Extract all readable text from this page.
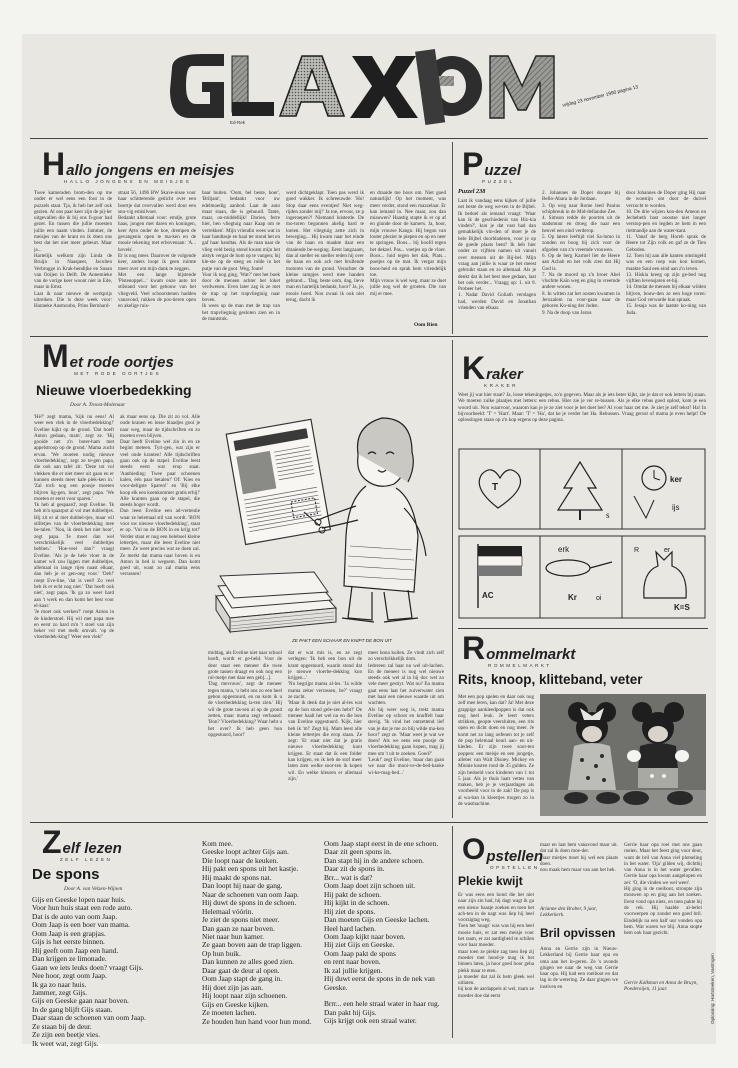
Ed-Rek
vrijdag 23 november 1990 pagina 13
H allo jongens en meisjes
HALLO JONGENS EN MEISJES
Twee kameraden brom-den op me onder er wel eens een fout in de puzzels staat. Tja, ik heb het zelf ook gezien. Al ons paar keer zijn de pij-ler uitgevallen die ik bij ons fi-guur had gezet. En tussen die jullie moesten jullie een naam vinden. Jammer, de meisjes van de krant en ik doen ons best dat het niet meer gebeurt. Maar ja...
Hartelijk welkom zijn Linda de Bruijn in Naaspeet, Jacolien Verbrugge in Krak-hendijke en Susan van Ooijen in Delft. De Annemieke van de vorige keer woont niet in Ede, maar in Emst.
Laat ik naar nieuwe de werkprijs uitreiken. Die is deze week voor: Hanneke Aasmoubo, Prins Bernhard-
straat 56, 1496 BW Skave-nisse voor haar schitterende gedicht over een boertje dat overvallen werd door een snu-vig emisilvoer.
Bedankt allemaal voor: emdje, grote haas, jongen met daren en koningen, keer Ayto onder de koe, drempen de gevangenis open te ma-ken en de mooie tekening met erbovenaan: 'A... hovels'.
Er is nog meer. Daarover de volgende keer, anders loopt ik geen ruimte meer over om mijn dank te zeggen.
Met een lange bijstende 'Pistenoppel...' kwam onze auto tot stilstand voor het gebouw van het vliegveld. Veel schoorstenen hadden vanavond, rukken de pos-tieren open en akelige ruis-
baar buiten. 'Oom, hel beste, boer', 'Briljant', bedankt voor uw edelmoedig aanbod. Laat de auto maar staan, die is gehuurd. Tante, maar, on-middellijk! Dorien, ferre hier, ben vliegtuig naar Kaap om te verrekken'. Mijn vriendin wees wat in haar handtasje en haal ter stond het en gaf haar handtas. Als de man naar de vlieg veld bezig stond kwam mijn het alstyk vergat de hom op te vangen; hij kle-ste op de steeg en rolde in het putje van de goot. Weg, foute!
Voor ik nog ging, 'Wat?' met het boek door de mensen achter het loket verdwenen. Even later zag ik ze met de trap op het trapvliegtuig naar boven.
Ik wees op de man met de trap van het trapvliegtuig gesloten zien en in de mantstuk.
werd dichtgeklapt. Toen pas werd ik goed wakker. Ik schreeuwde: 'Ho! Stop daar eens eventjes! Niet weg-rijden zonder mij!' Ja toe, ervoor, ze p ingeroepen?! Niemand luisterde. De mo-toren begonnen akelig hard te loeien. Het vliegtuig zette zich in beweging... Hij kwam naar het einde van de baan en maakte daar een draaiende be-weging. Eerst langzaam, dan al sneller en sneller reden hij over de baan en ook ach met brullende motoren van de grond. Verachter de kleine rampjes werd mee handen gebrand... 'Dag, beste oom, dag, lieve man en hartelijk bedankt, hoor!' Ja, je, mooie hoed. Nou zwaai ik ook niet terug, dacht ik
en draaide me boos om. Niet goed natuurlijk! Op het moment, was meer verder, stond een mazzelaar. Er kan iemand in. Nee maar, zou dan miauwen? Haastig stapte ik er op af en glunde door de kamers. Ja, hoor, mijn vrouwe Kango. Hij begon van louter plezier te piepen en op en neer te springen. Boos... bij hoofd tegen het dekzel. Pas... voetjes op de vloer. Boos... luid tegen het dak, Plats... poetjes op de mat. Ik vergat mijn boos-heid en sprak hem vriendelijk toe.
Mijn vrouw is wel weg, maar ze doet jullie nog wel de groeten. Die van mij er mee.
Oom Rien
P uzzel
PUZZEL
Puzzel 238
Laat ik vandaag eens kijken of jullie net beste de weg we-ten in de Bijbel. Ik bedoel als iemand vraagt: 'Waar kan ik de geschiedenis van Hiz-kia vinden?', kun je dat vast had dan gemakkelijk vin-den of moet je de hele Bijbel doorbladeren, voor je op de goede plaats bent? Ik heb hier onder zo vijftien namen uit vanuit over mensen uit de Bij-bel. Mijn vraag aan jullie is waar ze het meest gebruikt staan en zo allemaal. Als je denkt dat ik het best mee gedaan, laat het ook verder... Vraagg op: 1. uit 8. Probeer het.
1. Nadat David Goliath verslagen had, werden David en Jonathan vrienden van elkaar.
2. Johannes de Doper doopte bij Bello-Abara in de Jordaan.
3. Op weg naar Rome leed Paulus schipbreuk in de Mid-dellandse Zee.
4. Simson redde de poorten uit de stadsmuur en droeg die naar een heuvel een eind verderop.
5. Op latere leeftijd viel Sa-lomo in zonden en boog bij zich voor de afgoden van z'n vreemde vrouwen.
6. Op de berg Karmel liet de Heere aan Achab en het volk zien dat Hij God is.
7. Na de moord op z'n broer Abel vluchtte Kaïn weg en ging in vreemde andere wonen.
8. In witten zat het oosten kwamen in Jeruzalem na voor-gaan naar de geboren Ko-ning der Joden.
9. Na de doop van Jezus
door Johannes de Doper ging Hij naar de woestijn om door de duivel verzocht te worden.
10. De drie wijzen kon-den Ameon en Jechebeth bast ooostse niet langer verstop-pen en legden ze hem in een rietmandje aan de water-kant.
11. Vanaf de berg Horeb sprak de Heere tot Zijn volk en gaf ze de Tien Geboden.
12. Toen hij aan alle kanten omsingeld was en een roep was kon komen, maakte Saul een eind aan z'n leven.
13. Hiskia kreeg op zijn ge-bed nog vijftien levensjaren er-bij.
14. Omdat de mensen bij elkaar wilden blijven, bouw-den ze een hoge toren: maar God verwarde hun spraak.
15. Jesaja was de laatste ko-ning van Juda.
M et rode oortjes
MET RODE OORTJES
Nieuwe vloerbedekking
Door A. Troost-Molenaar
'Hè?' zegt mama, 'kijk nu eens! Al weer een vlek in de vloerbedekking!' Eveline kijkt op de grond. 'Dat hoeft Anton gedaan, mam', zegt ze. 'Hij gooide net z'n boter-ham met appelstroop op de grond.' Mama zucht ervan. 'We moeten nodig nieuwe vloerbedekking', zegt ze te-gen papa, die ook aan tafel zit. 'Deze tot vol vlekken die er niet meer uit gaan en er kunnen steeds meer kale plek-ken in.' 'Zal toch nog een poosje moeten blijven lig-gen, hoor', zegt papa. 'We moeten er eerst voor sparen.'
'Ik heb al gespaard', zegt Eveline. 'Ik heb m'n spaarpot al vol met dubbeltjes. Hij zit er al met dubbel-tjes, maar wil stilletjes van de vloerbedekking mee be-talen.' 'Nou, ik denk het niet hoor', zegt papa. 'Je moet dan wel verschrikkelijk veel dubbeltjes hebben.' 'Hoe-veel dan?' vraagt Eveline. 'Als je de hele vloer in de kamer wil zou liggen met dubbeltjes, allemaal in lange rijen naast elkaar, dan heb je er gen-oeg voor.' 'Oeh!' roept Eve-line, 'dat is veel! Zo veel heb ik er echt nog niet.' 'Dat hoeft ook niet', zegt papa. 'Ik ga zo weer hard aan 't werk en dan komt het best voor el-kaar.'
'Je moet ook werken?' roept Anton in de kinderstoel. Hij wil met papa mee en eerst zo hard m'n 't stoel van zijn beker vol met melk omvalt. 'op de vloerbedek-king!' Weer een vlek!'
ak maar eens op. Die zit zo vol. Alle oude kranen en losse blaadjes gooi je naar weg, maar de tijdschriften en zo moeten even blijven.
Daar heeft Eveline wel zin in en ze begint meteen. Tyri-gen, wat zijn er veel oude kranten! Alle tijdschriften gaan ook op de stapel. Eveline leest steeds eerst wat erop staat. 'Aanbieding: Twee paar schoenen kalen, één paar betalen!' Of: 'Kies en voor-deligste Sparen!' en 'Bij elke koop elk een koenkommer gratis erbij!' Alle kranten gaan op de stapel, die steeds hoger wordt.
Dan leest Eveline een ad-vertentie waar ze helemaal stil van wordt. 'BON voor uw nieuwe vloerbedekking', staat er op. 'Vul nu de BON in en krijg tot!' Verder staat er nog een heleboel kleine lettertjes, maar die leest Eveline niet meer. Ze weet precies wat ze doen zal. Ze merkt dat mama naar boven is en Anton in bed is wegsem. Dan komt goed uit, want zo zal mama eens verrassen!
ZE PAKT EEN SCHAAR EN KNIPT DE BON UIT
middag, als Eveline niet naar school hoeft, wordt er ge-beld. Voor de deur staat een meneer die twee grote tassen draagt en ook nog een rol-metje met daar een geb[...].
'Dag mevrouw', zegt de meneer tegen mama, 'u hebt ons zo een heel gebon opgestuurd, en nu kom ik u de vloerbedekking la-ten zien.' Hij wil de grote tas-sen al op de grond zetten, maar mama zegt verbaasd: 'Bon? Vloerbedekking? Waar hebt u het over? Ik heb geen bon opgestuurd, hoor!'
dat er wat mis is, en ze zegt verlegen: 'Ik heb een bon uit de krant opgestuurd, waarin stond dat je nieuwe vloerbe-dekking kon krijgen...'
'Nu begrijpt mama al-les. 'Ja wilde mama zeker verrassen, he?' vraagt ze zacht.
'Maar ik denk dat je niet al-les wat op de bon stond gele-zen hebt?' De meneer haalt het wel nu en die bon van Eveline opgestuurd. 'Kijk, hier heb ik 'm!' Zegt hij. Mam leest alle kleine lettertjes die erop staan. Ze zegt: 'Er staat niet dat je gratis nieuwe vloerbedekking kunt krijgen. Er staat dat ik een folder kan krijgen, en ik heb de stof meer laten zien welke soor-ten ik kopen wil. En welke kleuren er allemaal zijn.'
meer bona kuilen. Ze vindt zich zelf zo verschrikkelijk dom.
Iedereen zal haar nu wel uit-lachen. En de meneer is nog wel nieuwe steeds ook wel al in bij doc wel zo vele meer gestiyt. Wat nu? En mama gaat eens laat het zuiverwater zien met haar een nieuwe waarde uit om wachten.
Als hij weer weg is, trekt mama Eveline op schoot en knuffelt haar stevig. 'Ik vind het ontzettend lief van je dat je me zo blij wilde ma-ken hoor!' zegt ze. 'Maar weet je wat we doen? Als we eens een poosje de vloerbedekking gaan kopen, mag jij mee om 't uit te zoeken. Goed?'
'Leuk!' zegt Eveline, 'maar dan gaan we naar die mooi-ve-de-bed-kanke wi-ke-mag-bed...'
K raker
KRAKER
Weet jij wat hier staat? Ja, losse tekeningetjes, zo'n gegeven. Maar als je iets beter kijkt, zie je dat er ook letters bij staan. We moeten zulke plaatjes met letters: een rebus. Hier zie je ver re-bussen. Als je elke rebus goed oplost, kom je een woord uit. Nou waarvoor, waarom kan je je ze ziet voor je het doet het? Al voor haar zet me. Je ziet je zelf tekst? Ha! In bijvoorbeeld: 'T' = 'Hart'. Maar: 'T' = 'Ha', dat ke je verder het Ha. Rebussen. Vraag gerust of mama je even helpt! De oplossingen staan op z'n kop ergens op deze pagina.
T
s
ker
ijs
AC
erk
Kr	oi
er
K=S
R
R ommelmarkt
ROMMELMARKT
Rits, knoop, klitteband, veter
Met een pop spelen en daar ook nog zelf mee leren, kan dat? Ja! Met deze grappige aankleedpoppen is dat ook nog heel leuk. Je leert veters strikken, geopte veersluiten, een rits open en dicht doen en nog meer. Je komt net zo lang oefenen tot je zelf de pop helemaal keuri aan- en uit-kleden. Er zijn twee soor-ten poppen: een meisje en een jongetje, allebei van Walt Disney. Mickey en Minnie kosten rond de 35 gulden. Ze zijn bedoeld voor kinderen van 1 tot 5 jaar. Als je thuis laatt vettes van maken, heb je je verjaardagen als voorbeeld voor in de zak! De pop is al wa-ban in kleertjes mogen zo in de wasmachine.
Z elf lezen
ZELF LEZEN
De spons
Door A. van Velzen-Wijnen
Gijs en Geeske lopen naar huis.
Voor hun huis staat een rode auto.
Dat is de auto van oom Jaap.
Oom Jaap is een boer van mama.
Oom Jaap is een grapjas.
Gijs is het eerste binnen.
Hij geeft oom Jaap een hand.
Dan krijgen ze limonade.
Gaan we iets leuks doen? vraagt Gijs.
Nee hoor, zegt oom Jaap.
Ik ga zo naar huis.
Jammer, zegt Gijs.
Gijs en Geeske gaan naar boven.
In de gang blijft Gijs staan.
Daar staan de schoenen van oom Jaap.
Ze staan bij de deur.
Ze zijn een beetje vies.
Ik weet wat, zegt Gijs.
Kom mee.
Geeske loopt achter Gijs aan.
Die loopt naar de keuken.
Hij pakt een spons uit het kastje.
Hij maakt de spons nat.
Dan loopt hij naar de gang.
Naar de schoenen van oom Jaap.
Hij duwt de spons in de schoen.
Helemaal vóórin.
Je ziet de spons niet meer.
Dan gaan ze naar boven.
Niet naar hun kamer.
Ze gaan boven aan de trap liggen.
Op hun buik.
Dan kunnen ze alles goed zien.
Daar gaat de deur al open.
Oom Jaap stapt de gang in.
Hij doet zijn jas aan.
Hij loopt naar zijn schoenen.
Gijs en Geeske kijken.
Ze moeten lachen.
Ze houden hun hand voor hun mond.
Oom Jaap stapt eerst in de ene schoen.
Daar zit geen spons in.
Dan stapt hij in de andere schoen.
Daar zit de spons in.
Brr... wat is dat?
Oom Jaap doet zijn schoen uit.
Hij pakt de schoen.
Hij kijkt in de schoen.
Hij ziet de spons.
Dan moeten Gijs en Geeske lachen.
Heel hard lachen.
Oom Jaap kijkt naar boven.
Hij ziet Gijs en Geeske.
Oom Jaap pakt de spons
en rent naar boven.
Ik zal jullie krijgen.
Hij duwt eerst de spons in de nek van Geeske.
Brrr... een hele straal water in haar rug.
Dan pakt hij Gijs.
Gijs krijgt ook een straal water.
O pstellen
OPSTELLEN
Plekie kwijt
Er was eens een hond die het niet naar zijn zin had, hij dagt wagt ik ga een nieuw baasje zoeken en toen het ach-ten in de nagt was liep hij heel voorzigtag weg.
Toen het 'snags' was was hij een heel mooie huis, er zat een meisje voor het raam, er zat aardigheid te schilen voor haar moeder.
maar toen ze plekie zag toen liep zij moeder met hond-je mag ik het binnen laten, ja hoor goed hoor geba plekk maar te eten.
ja moeder dat zal ik hem gleek wel uitlaten.
hij kon de aardappels al wel, mam ze moeder doe dat eerst
maar en laat hem vanavond maar uit. dat zal ik doen moe-der.
maar mietjes moet hij wel een plaats doen.
nou maak hem maar van aan het hek.
Arianne den Braber, 9 jaar, Lekkerkerk.
Bril opvissen
Anna en Gerrie zijn in Nieuw-Lekkerland bij Gerrie haar opa en oma aan het lo-geren. Ze 's avonds gingen we naar de weg van Gerrie haar opa. Hij had een roeiboot en dat lag in de wetering. Ze daar gingen we instiven en
Gerrie haar opa roei met ons gaan roeien. Maar het feest ging voor deur, want de bril van Anna viel plotseling in het water. 'Oja' gilden wij, dichtbij van Anna is in het water gevallen. Gerrie haar opa kwam aangelopen en zei: 'O, die vinden we wel weer'.
Hij ging in de roeiboot, stroopte zijn mouwen op en ging aan het zoeken. Eerst vond opa niets, en toen pakte hij de rek. Hij haalde al-lerlei voorwerpen op zonder een goed bril. Eindelijk na een half uur vonden opa hem. Wat waren we blij. Anna stopte hem ook haar gezicht.
Gerrie Kalkman en Anna de Bruyn, Poederoijen, 11 jaar.	Oplossing: Hartsteeken, Vastmgen
